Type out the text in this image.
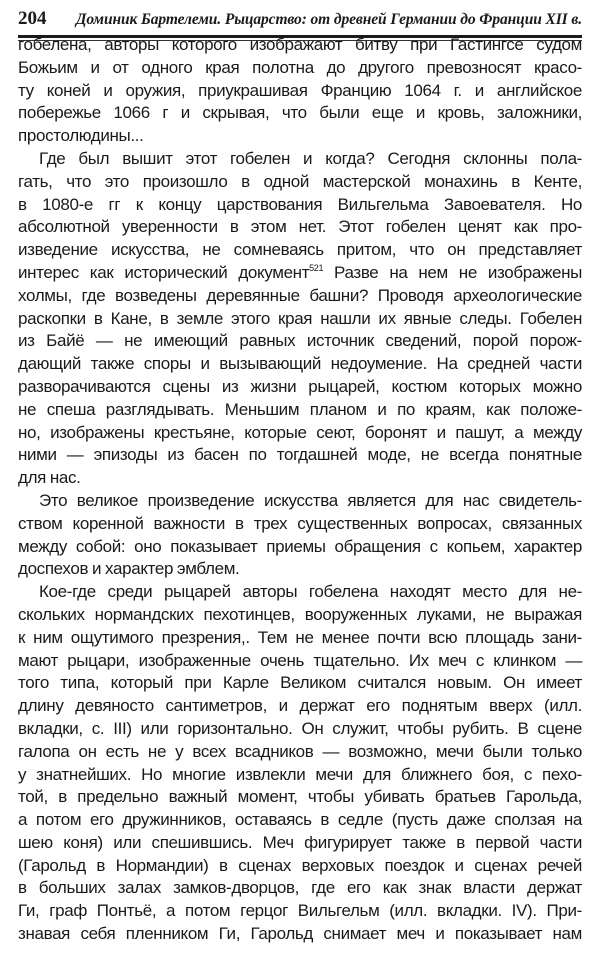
204 Доминик Бартелеми. Рыцарство: от древней Германии до Франции XII в.
гобелена, авторы которого изображают битву при Гастингсе судом
Божьим и от одного края полотна до другого превозносят красо-
ту коней и оружия, приукрашивая Францию 1064 г. и английское
побережье 1066 г и скрывая, что были еще и кровь, заложники,
простолюдины...
Где был вышит этот гобелен и когда? Сегодня склонны пола-
гать, что это произошло в одной мастерской монахинь в Кенте,
в 1080-е гг к концу царствования Вильгельма Завоевателя. Но
абсолютной уверенности в этом нет. Этот гобелен ценят как про-
изведение искусства, не сомневаясь притом, что он представляет
интерес как исторический документ$^{521}$ Разве на нем не изображены
холмы, где возведены деревянные башни? Проводя археологические
раскопки в Кане, в земле этого края нашли их явные следы. Гобелен
из Байё — не имеющий равных источник сведений, порой порож-
дающий также споры и вызывающий недоумение. На средней части
разворачиваются сцены из жизни рыцарей, костюм которых можно
не спеша разглядывать. Меньшим планом и по краям, как положе-
но, изображены крестьяне, которые сеют, боронят и пашут, а между
ними — эпизоды из басен по тогдашней моде, не всегда понятные
для нас.
Это великое произведение искусства является для нас свидетель-
ством коренной важности в трех существенных вопросах, связанных
между собой: оно показывает приемы обращения с копьем, характер
доспехов и характер эмблем.
Кое-где среди рыцарей авторы гобелена находят место для не-
скольких нормандских пехотинцев, вооруженных луками, не выражая
к ним ощутимого презрения,. Тем не менее почти всю площадь зани-
мают рыцари, изображенные очень тщательно. Их меч с клинком —
того типа, который при Карле Великом считался новым. Он имеет
длину девяносто сантиметров, и держат его поднятым вверх (илл.
вкладки, с. III) или горизонтально. Он служит, чтобы рубить. В сцене
галопа он есть не у всех всадников — возможно, мечи были только
у знатнейших. Но многие извлекли мечи для ближнего боя, с пехо-
той, в предельно важный момент, чтобы убивать братьев Гарольда,
а потом его дружинников, оставаясь в седле (пусть даже сползая на
шею коня) или спешившись. Меч фигурирует также в первой части
(Гарольд в Нормандии) в сценах верховых поездок и сценах речей
в больших залах замков-дворцов, где его как знак власти держат
Ги, граф Понтьё, а потом герцог Вильгельм (илл. вкладки. IV). При-
знавая себя пленником Ги, Гарольд снимает меч и показывает нам
